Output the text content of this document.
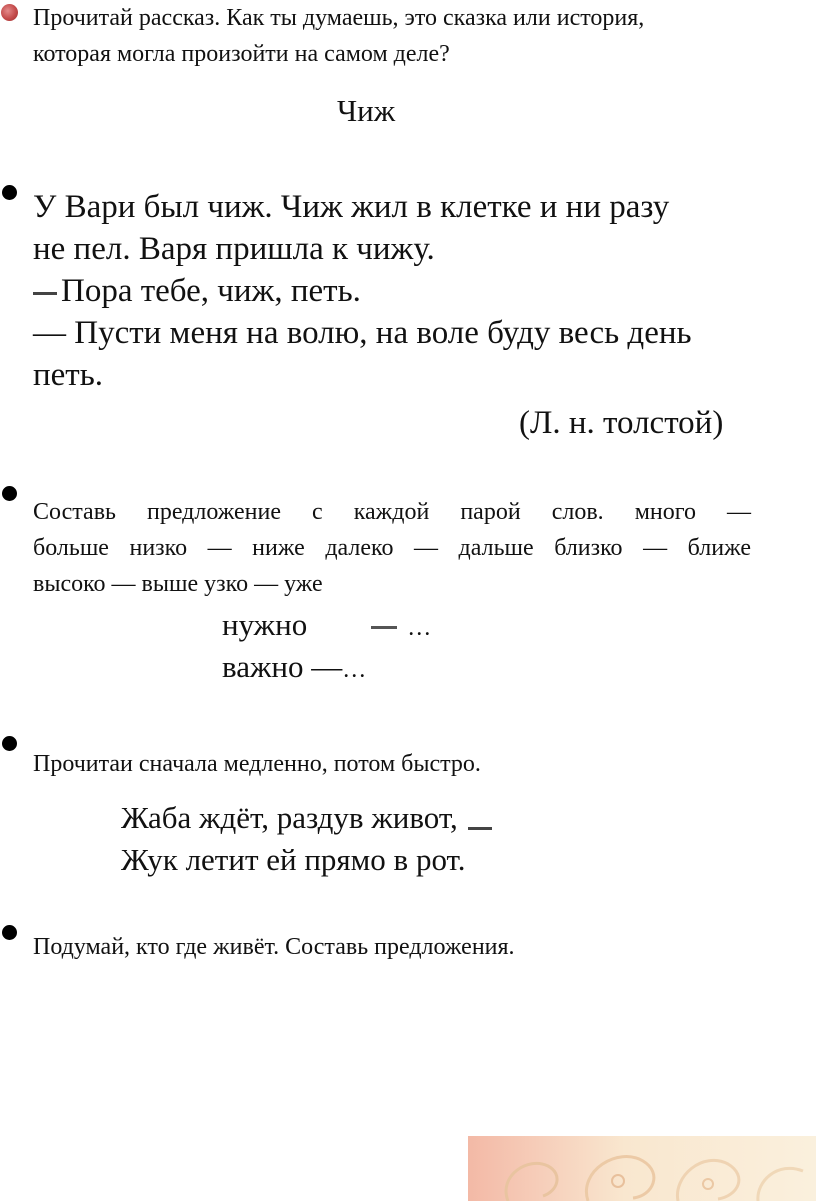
Прочитай рассказ. Как ты думаешь, это сказка или история,
которая могла произойти на самом деле?
Чиж
У Вари был чиж. Чиж жил в клетке и ни разу
не пел. Варя пришла к чижу.
Пора тебе, чиж, петь.
— Пусти меня на волю, на воле буду весь день
петь.
(Л. н. толстой)
Составь предложение с каждой парой слов. много —
больше низко — ниже далеко — дальше близко — ближе
высоко — выше узко — уже
нужно	…
важно —…
Прочитаи сначала медленно, потом быстро.
Жаба ждёт, раздув живот,
Жук летит ей прямо в рот.
Подумай, кто где живёт. Составь предложения.
